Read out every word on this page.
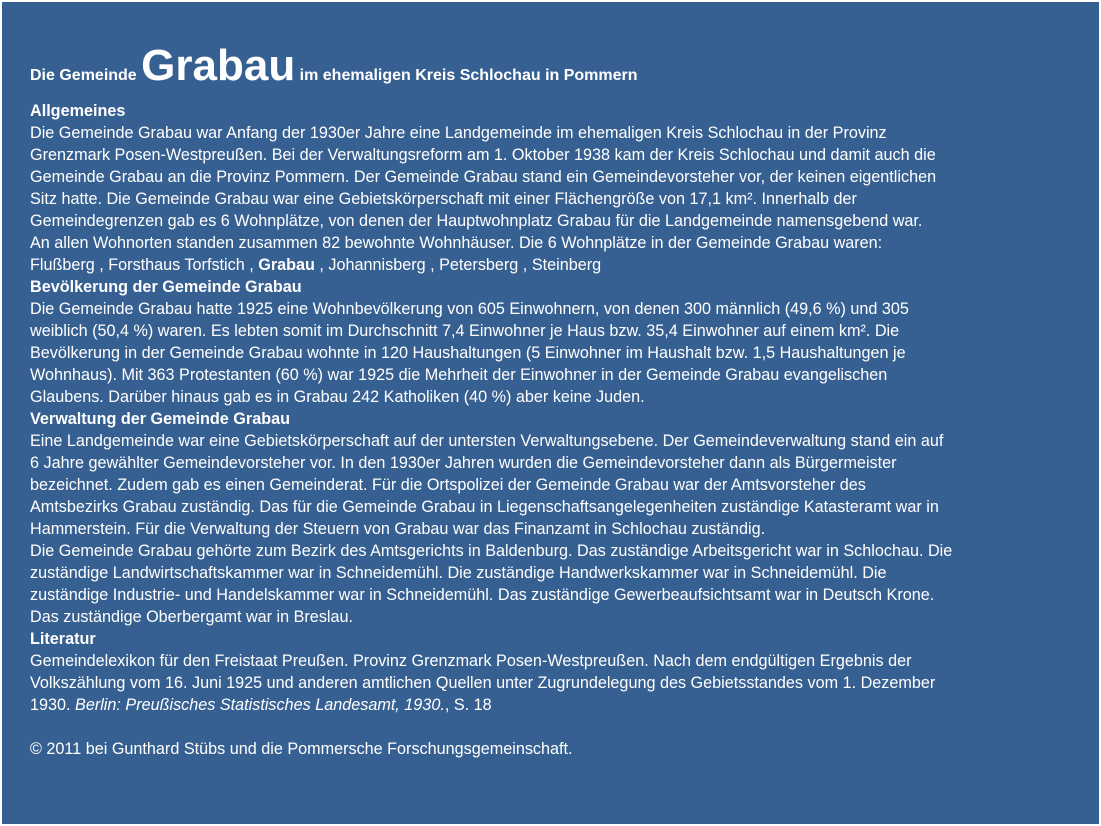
Die Gemeinde Grabau im ehemaligen Kreis Schlochau in Pommern
Allgemeines
Die Gemeinde Grabau war Anfang der 1930er Jahre eine Landgemeinde im ehemaligen Kreis Schlochau in der Provinz
Grenzmark Posen-Westpreußen. Bei der Verwaltungsreform am 1. Oktober 1938 kam der Kreis Schlochau und damit auch die
Gemeinde Grabau an die Provinz Pommern. Der Gemeinde Grabau stand ein Gemeindevorsteher vor, der keinen eigentlichen
Sitz hatte. Die Gemeinde Grabau war eine Gebietskörperschaft mit einer Flächengröße von 17,1 km². Innerhalb der
Gemeindegrenzen gab es 6 Wohnplätze, von denen der Hauptwohnplatz Grabau für die Landgemeinde namensgebend war.
An allen Wohnorten standen zusammen 82 bewohnte Wohnhäuser. Die 6 Wohnplätze in der Gemeinde Grabau waren:
Flußberg , Forsthaus Torfstich , Grabau , Johannisberg , Petersberg , Steinberg
Bevölkerung der Gemeinde Grabau
Die Gemeinde Grabau hatte 1925 eine Wohnbevölkerung von 605 Einwohnern, von denen 300 männlich (49,6 %) und 305
weiblich (50,4 %) waren. Es lebten somit im Durchschnitt 7,4 Einwohner je Haus bzw. 35,4 Einwohner auf einem km². Die
Bevölkerung in der Gemeinde Grabau wohnte in 120 Haushaltungen (5 Einwohner im Haushalt bzw. 1,5 Haushaltungen je
Wohnhaus). Mit 363 Protestanten (60 %) war 1925 die Mehrheit der Einwohner in der Gemeinde Grabau evangelischen
Glaubens. Darüber hinaus gab es in Grabau 242 Katholiken (40 %) aber keine Juden.
Verwaltung der Gemeinde Grabau
Eine Landgemeinde war eine Gebietskörperschaft auf der untersten Verwaltungsebene. Der Gemeindeverwaltung stand ein auf
6 Jahre gewählter Gemeindevorsteher vor. In den 1930er Jahren wurden die Gemeindevorsteher dann als Bürgermeister
bezeichnet. Zudem gab es einen Gemeinderat. Für die Ortspolizei der Gemeinde Grabau war der Amtsvorsteher des
Amtsbezirks Grabau zuständig. Das für die Gemeinde Grabau in Liegenschaftsangelegenheiten zuständige Katasteramt war in
Hammerstein. Für die Verwaltung der Steuern von Grabau war das Finanzamt in Schlochau zuständig.
Die Gemeinde Grabau gehörte zum Bezirk des Amtsgerichts in Baldenburg. Das zuständige Arbeitsgericht war in Schlochau. Die
zuständige Landwirtschaftskammer war in Schneidemühl. Die zuständige Handwerkskammer war in Schneidemühl. Die
zuständige Industrie- und Handelskammer war in Schneidemühl. Das zuständige Gewerbeaufsichtsamt war in Deutsch Krone.
Das zuständige Oberbergamt war in Breslau.
Literatur
Gemeindelexikon für den Freistaat Preußen. Provinz Grenzmark Posen-Westpreußen. Nach dem endgültigen Ergebnis der
Volkszählung vom 16. Juni 1925 und anderen amtlichen Quellen unter Zugrundelegung des Gebietsstandes vom 1. Dezember
1930. Berlin: Preußisches Statistisches Landesamt, 1930., S. 18
© 2011 bei Gunthard Stübs und die Pommersche Forschungsgemeinschaft.
